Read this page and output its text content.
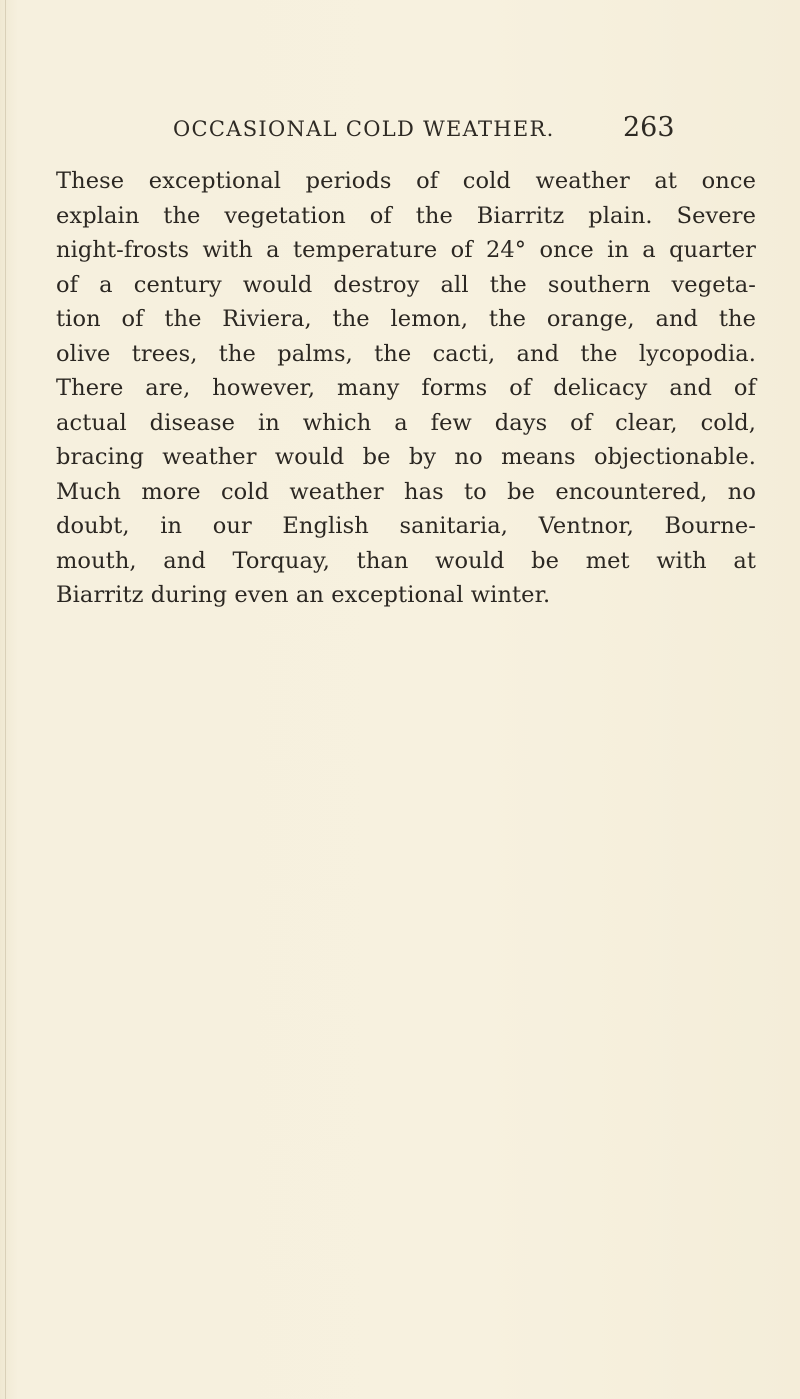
OCCASIONAL COLD WEATHER.	263
These exceptional periods of cold weather at once
explain the vegetation of the Biarritz plain. Severe
night-frosts with a temperature of 24° once in a quarter
of a century would destroy all the southern vegeta-
tion of the Riviera, the lemon, the orange, and the
olive trees, the palms, the cacti, and the lycopodia.
There are, however, many forms of delicacy and of
actual disease in which a few days of clear, cold,
bracing weather would be by no means objectionable.
Much more cold weather has to be encountered, no
doubt, in our English sanitaria, Ventnor, Bourne-
mouth, and Torquay, than would be met with at
Biarritz during even an exceptional winter.
